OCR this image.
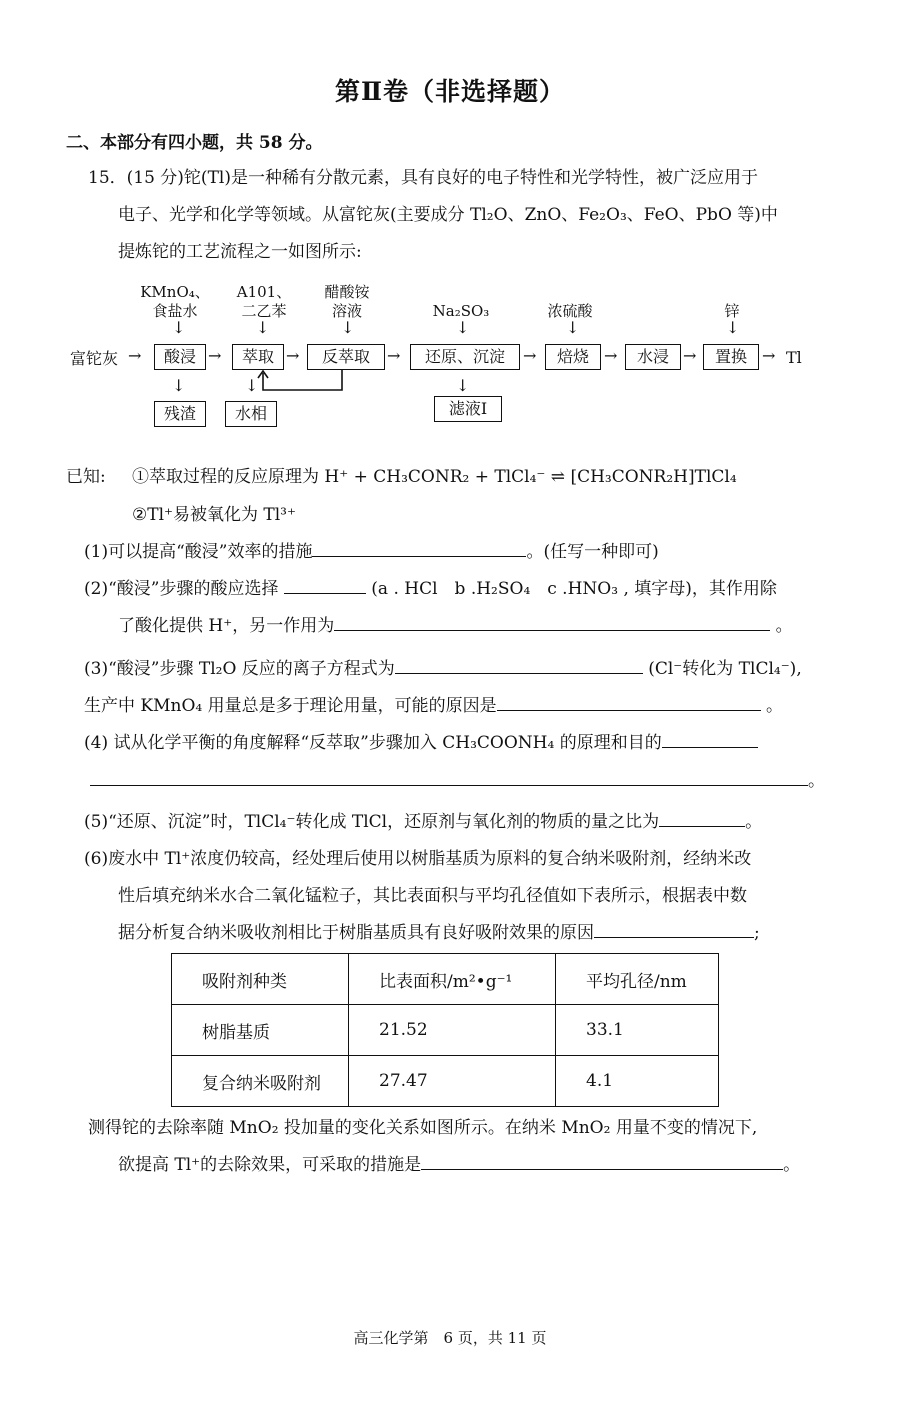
第Ⅱ卷（非选择题）
二、本部分有四小题，共 58 分。
15．(15 分)铊(Tl)是一种稀有分散元素，具有良好的电子特性和光学特性，被广泛应用于
电子、光学和化学等领域。从富铊灰(主要成分 Tl₂O、ZnO、Fe₂O₃、FeO、PbO 等)中
提炼铊的工艺流程之一如图所示:
KMnO₄、
食盐水
↓
A101、
二乙苯
↓
醋酸铵
溶液
↓
Na₂SO₃
↓
浓硫酸
↓
锌
↓
富铊灰 →	酸浸 →	萃取 →	反萃取	→	还原、沉淀	→	焙烧 →	水浸 →	置换 → Tl
↓	↓	↓
残渣	水相	滤液Ⅰ
已知: ①萃取过程的反应原理为 H⁺ + CH₃CONR₂ + TlCl₄⁻ ⇌ [CH₃CONR₂H]TlCl₄
②Tl⁺易被氧化为 Tl³⁺
(1)可以提高“酸浸”效率的措施	。(任写一种即可)
(2)“酸浸”步骤的酸应选择	(a . HCl　b .H₂SO₄　c .HNO₃ , 填字母)，其作用除
了酸化提供 H⁺，另一作用为	。
(3)“酸浸”步骤 Tl₂O 反应的离子方程式为	(Cl⁻转化为 TlCl₄⁻),
生产中 KMnO₄ 用量总是多于理论用量，可能的原因是	。
(4) 试从化学平衡的角度解释“反萃取”步骤加入 CH₃COONH₄ 的原理和目的
。
(5)“还原、沉淀”时，TlCl₄⁻转化成 TlCl，还原剂与氧化剂的物质的量之比为	。
(6)废水中 Tl⁺浓度仍较高，经处理后使用以树脂基质为原料的复合纳米吸附剂，经纳米改
性后填充纳米水合二氧化锰粒子，其比表面积与平均孔径值如下表所示，根据表中数
据分析复合纳米吸收剂相比于树脂基质具有良好吸附效果的原因	;
吸附剂种类	比表面积/m²•g⁻¹	平均孔径/nm
树脂基质	21.52	33.1
复合纳米吸附剂	27.47	4.1
测得铊的去除率随 MnO₂ 投加量的变化关系如图所示。在纳米 MnO₂ 用量不变的情况下,
欲提高 Tl⁺的去除效果，可采取的措施是	。
高三化学第　6 页，共 11 页
